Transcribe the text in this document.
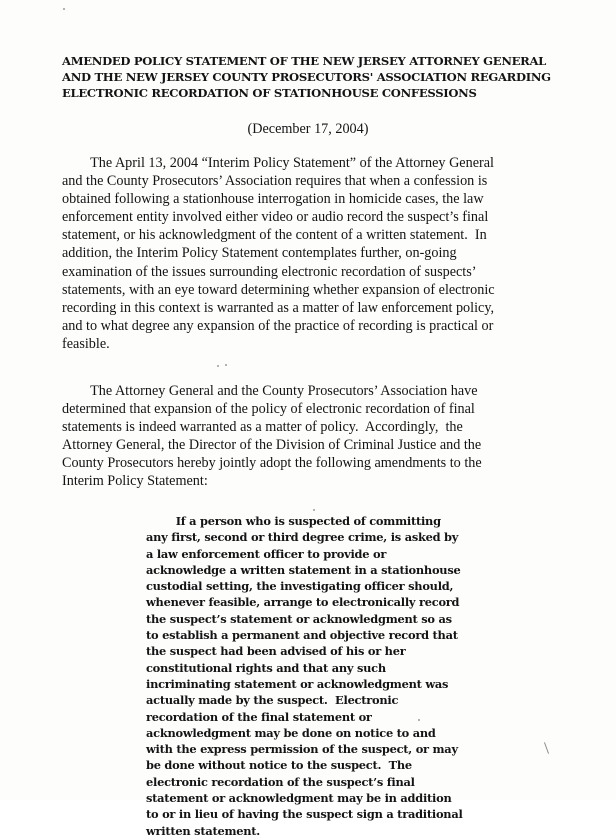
AMENDED POLICY STATEMENT OF THE NEW JERSEY ATTORNEY GENERAL
AND THE NEW JERSEY COUNTY PROSECUTORS' ASSOCIATION REGARDING
ELECTRONIC RECORDATION OF STATIONHOUSE CONFESSIONS
(December 17, 2004)
The April 13, 2004 “Interim Policy Statement” of the Attorney General
and the County Prosecutors’ Association requires that when a confession is
obtained following a stationhouse interrogation in homicide cases, the law
enforcement entity involved either video or audio record the suspect’s final
statement, or his acknowledgment of the content of a written statement.  In
addition, the Interim Policy Statement contemplates further, on-going
examination of the issues surrounding electronic recordation of suspects’
statements, with an eye toward determining whether expansion of electronic
recording in this context is warranted as a matter of law enforcement policy,
and to what degree any expansion of the practice of recording is practical or
feasible.
The Attorney General and the County Prosecutors’ Association have
determined that expansion of the policy of electronic recordation of final
statements is indeed warranted as a matter of policy.  Accordingly,  the
Attorney General, the Director of the Division of Criminal Justice and the
County Prosecutors hereby jointly adopt the following amendments to the
Interim Policy Statement:
If a person who is suspected of committing
any first, second or third degree crime, is asked by
a law enforcement officer to provide or
acknowledge a written statement in a stationhouse
custodial setting, the investigating officer should,
whenever feasible, arrange to electronically record
the suspect’s statement or acknowledgment so as
to establish a permanent and objective record that
the suspect had been advised of his or her
constitutional rights and that any such
incriminating statement or acknowledgment was
actually made by the suspect.  Electronic
recordation of the final statement or
acknowledgment may be done on notice to and
with the express permission of the suspect, or may
be done without notice to the suspect.  The
electronic recordation of the suspect’s final
statement or acknowledgment may be in addition
to or in lieu of having the suspect sign a traditional
written statement.
